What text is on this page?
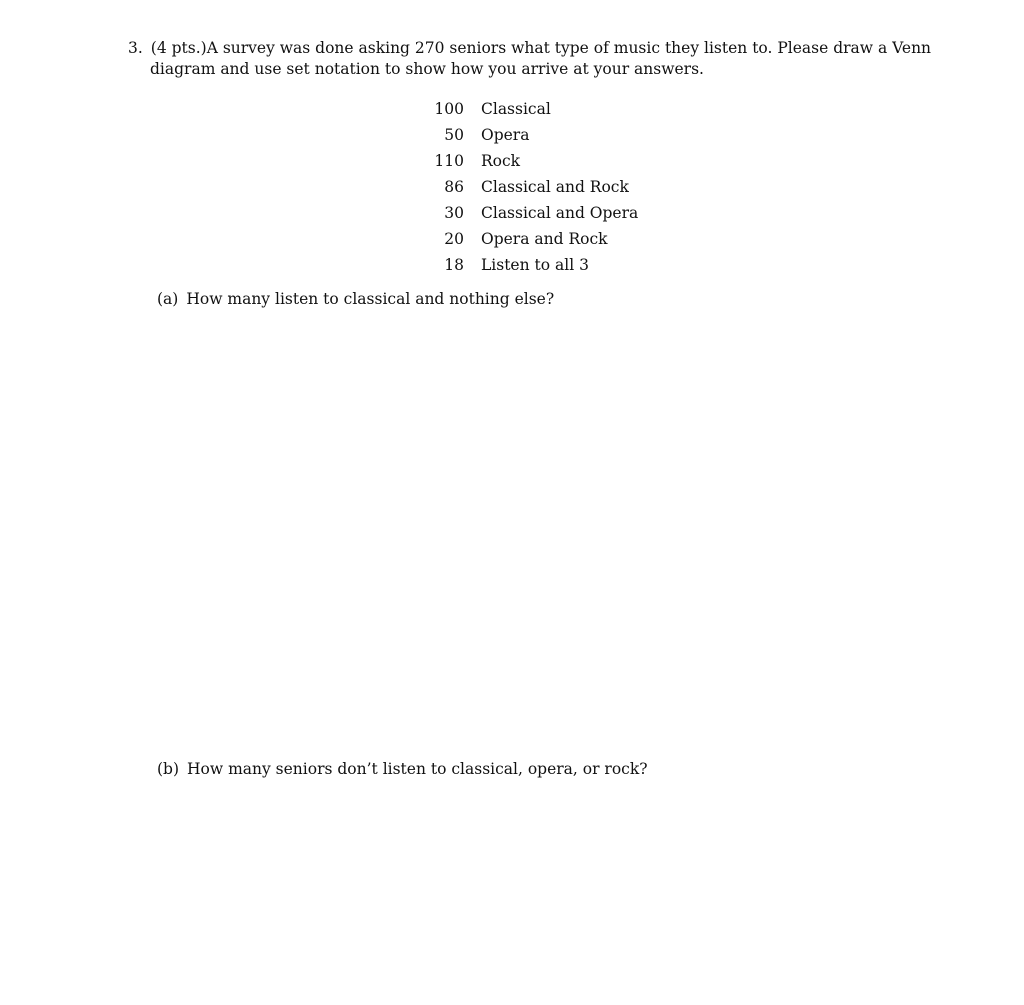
3. (4 pts.)A survey was done asking 270 seniors what type of music they listen to. Please draw a Venn
diagram and use set notation to show how you arrive at your answers.
100	Classical
50	Opera
110	Rock
86	Classical and Rock
30	Classical and Opera
20	Opera and Rock
18	Listen to all 3
(a) How many listen to classical and nothing else?
(b) How many seniors don’t listen to classical, opera, or rock?
